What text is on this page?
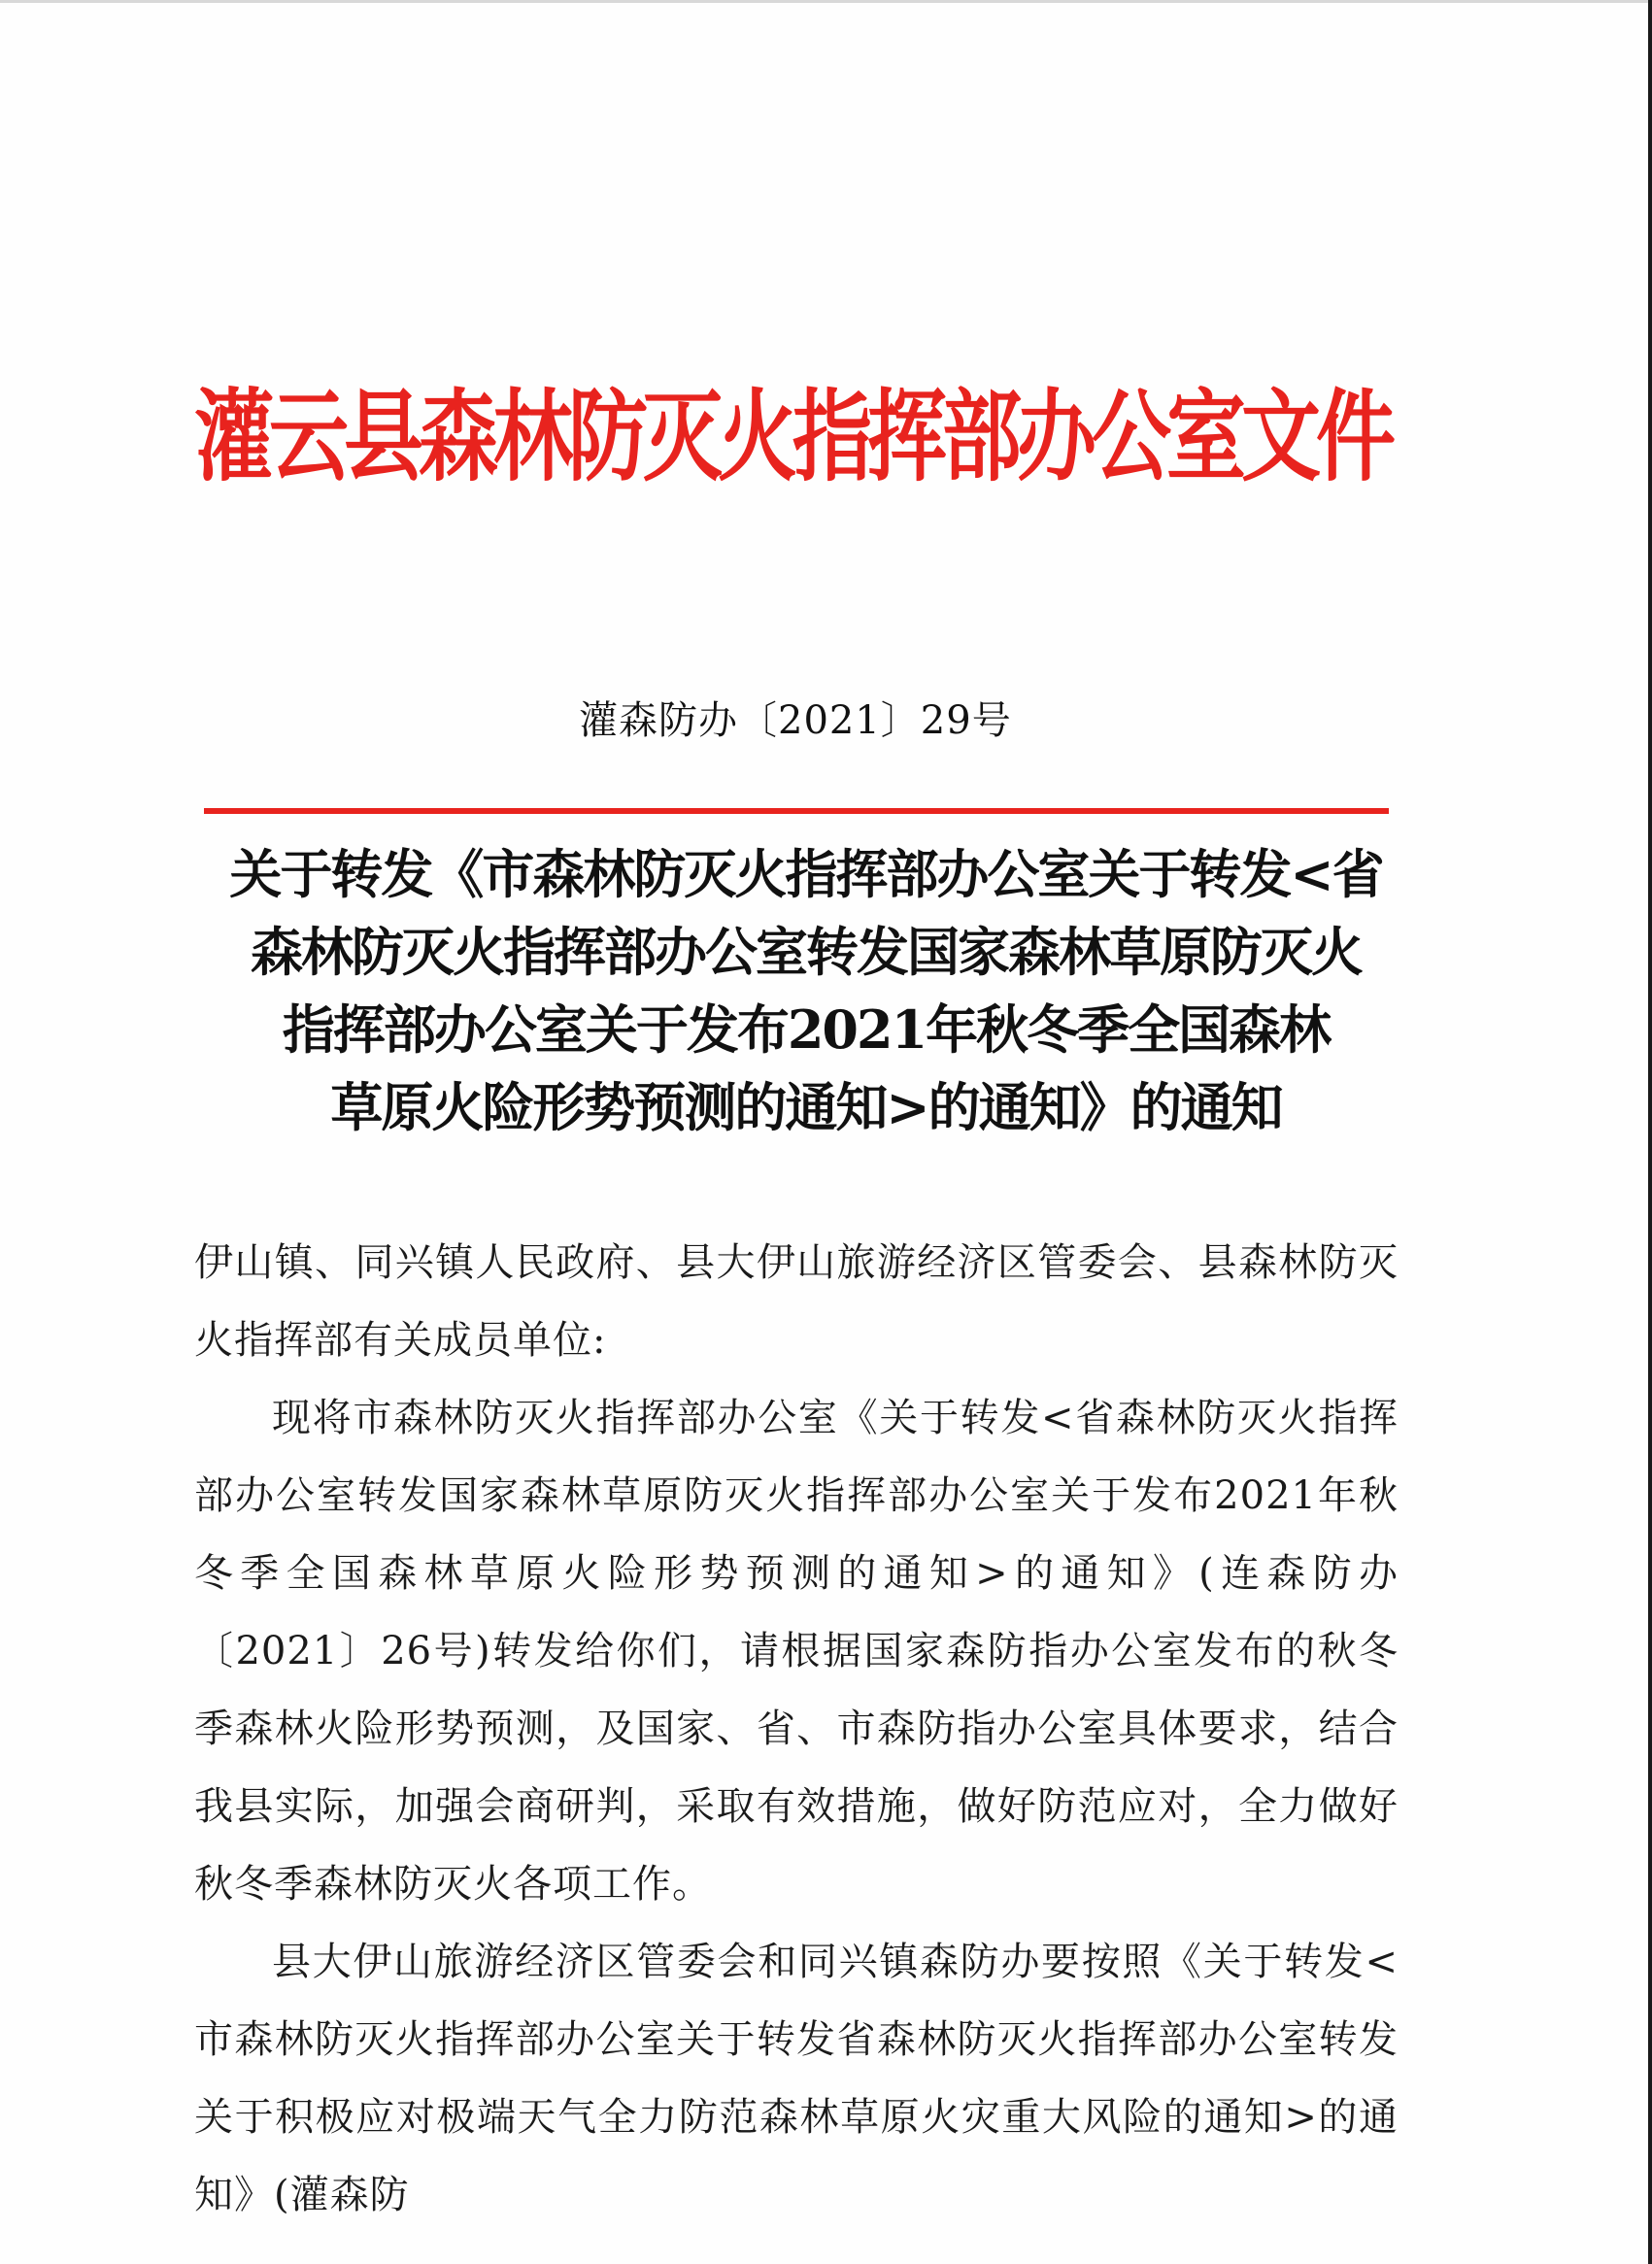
灌云县森林防灭火指挥部办公室文件
灌森防办〔2021〕29号
关于转发《市森林防灭火指挥部办公室关于转发<省
森林防灭火指挥部办公室转发国家森林草原防灭火
指挥部办公室关于发布2021年秋冬季全国森林
草原火险形势预测的通知>的通知》的通知

伊山镇、同兴镇人民政府、县大伊山旅游经济区管委会、县森林防灭火指挥部有关成员单位:

现将市森林防灭火指挥部办公室《关于转发<省森林防灭火指挥部办公室转发国家森林草原防灭火指挥部办公室关于发布2021年秋冬季全国森林草原火险形势预测的通知>的通知》(连森防办〔2021〕26号)转发给你们，请根据国家森防指办公室发布的秋冬季森林火险形势预测，及国家、省、市森防指办公室具体要求，结合我县实际，加强会商研判，采取有效措施，做好防范应对，全力做好秋冬季森林防灭火各项工作。

县大伊山旅游经济区管委会和同兴镇森防办要按照《关于转发<市森林防灭火指挥部办公室关于转发省森林防灭火指挥部办公室转发关于积极应对极端天气全力防范森林草原火灾重大风险的通知>的通知》(灌森防
